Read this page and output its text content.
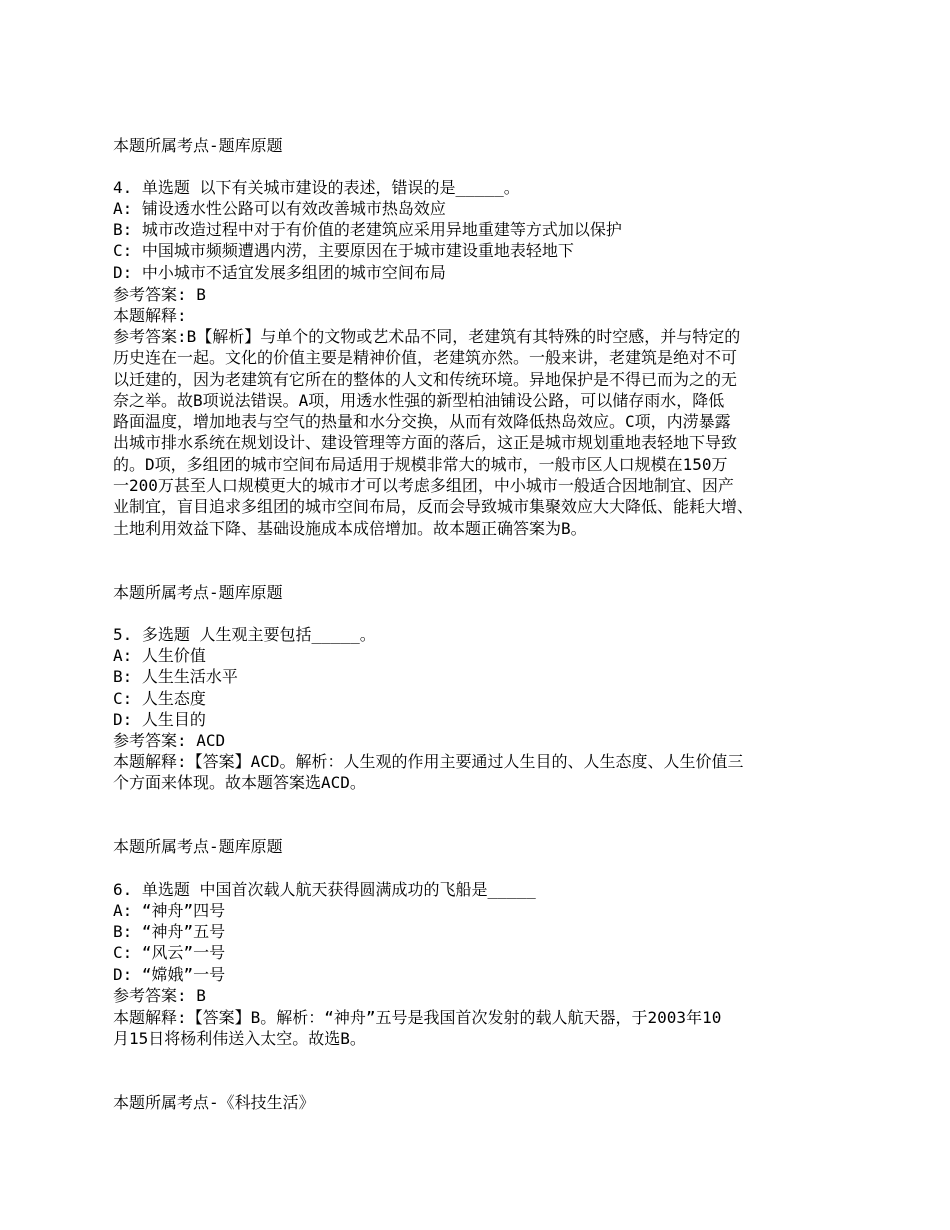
本题所属考点-题库原题
4. 单选题 以下有关城市建设的表述，错误的是_____。
A: 铺设透水性公路可以有效改善城市热岛效应
B: 城市改造过程中对于有价值的老建筑应采用异地重建等方式加以保护
C: 中国城市频频遭遇内涝，主要原因在于城市建设重地表轻地下
D: 中小城市不适宜发展多组团的城市空间布局
参考答案: B
本题解释:
参考答案:B【解析】与单个的文物或艺术品不同，老建筑有其特殊的时空感，并与特定的
历史连在一起。文化的价值主要是精神价值，老建筑亦然。一般来讲，老建筑是绝对不可
以迁建的，因为老建筑有它所在的整体的人文和传统环境。异地保护是不得已而为之的无
奈之举。故B项说法错误。A项，用透水性强的新型柏油铺设公路，可以储存雨水，降低
路面温度，增加地表与空气的热量和水分交换，从而有效降低热岛效应。C项，内涝暴露
出城市排水系统在规划设计、建设管理等方面的落后，这正是城市规划重地表轻地下导致
的。D项，多组团的城市空间布局适用于规模非常大的城市，一般市区人口规模在150万
一200万甚至人口规模更大的城市才可以考虑多组团，中小城市一般适合因地制宜、因产
业制宜，盲目追求多组团的城市空间布局，反而会导致城市集聚效应大大降低、能耗大增、
土地利用效益下降、基础设施成本成倍增加。故本题正确答案为B。
本题所属考点-题库原题
5. 多选题 人生观主要包括_____。
A: 人生价值
B: 人生生活水平
C: 人生态度
D: 人生目的
参考答案: ACD
本题解释:【答案】ACD。解析：人生观的作用主要通过人生目的、人生态度、人生价值三
个方面来体现。故本题答案选ACD。
本题所属考点-题库原题
6. 单选题 中国首次载人航天获得圆满成功的飞船是_____
A: “神舟”四号
B: “神舟”五号
C: “风云”一号
D: “嫦娥”一号
参考答案: B
本题解释:【答案】B。解析：“神舟”五号是我国首次发射的载人航天器，于2003年10
月15日将杨利伟送入太空。故选B。
本题所属考点-《科技生活》
